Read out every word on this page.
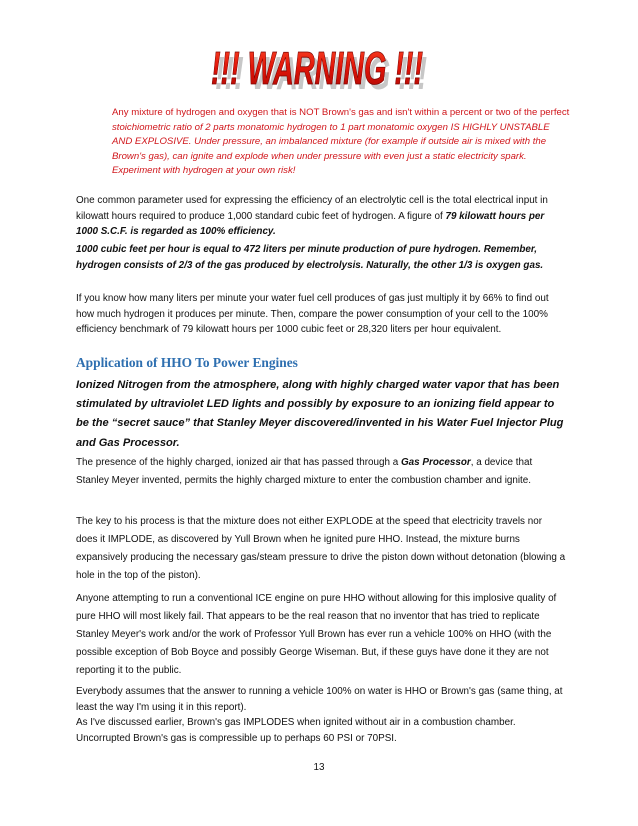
!!! WARNING !!!
!!! WARNING !!!
Any mixture of hydrogen and oxygen that is NOT Brown's gas and isn't within a percent or two of the perfect stoichiometric ratio of 2 parts monatomic hydrogen to 1 part monatomic oxygen IS HIGHLY UNSTABLE AND EXPLOSIVE. Under pressure, an imbalanced mixture (for example if outside air is mixed with the Brown's gas), can ignite and explode when under pressure with even just a static electricity spark. Experiment with hydrogen at your own risk!
One common parameter used for expressing the efficiency of an electrolytic cell is the total electrical input in kilowatt hours required to produce 1,000 standard cubic feet of hydrogen. A figure of 79 kilowatt hours per 1000 S.C.F. is regarded as 100% efficiency.
1000 cubic feet per hour is equal to 472 liters per minute production of pure hydrogen. Remember, hydrogen consists of 2/3 of the gas produced by electrolysis. Naturally, the other 1/3 is oxygen gas.
If you know how many liters per minute your water fuel cell produces of gas just multiply it by 66% to find out how much hydrogen it produces per minute. Then, compare the power consumption of your cell to the 100% efficiency benchmark of 79 kilowatt hours per 1000 cubic feet or 28,320 liters per hour equivalent.
Application of HHO To Power Engines
Ionized Nitrogen from the atmosphere, along with highly charged water vapor that has been stimulated by ultraviolet LED lights and possibly by exposure to an ionizing field appear to be the “secret sauce” that Stanley Meyer discovered/invented in his Water Fuel Injector Plug and Gas Processor.
The presence of the highly charged, ionized air that has passed through a Gas Processor, a device that Stanley Meyer invented, permits the highly charged mixture to enter the combustion chamber and ignite.
The key to his process is that the mixture does not either EXPLODE at the speed that electricity travels nor does it IMPLODE, as discovered by Yull Brown when he ignited pure HHO. Instead, the mixture burns expansively producing the necessary gas/steam pressure to drive the piston down without detonation (blowing a hole in the top of the piston).
Anyone attempting to run a conventional ICE engine on pure HHO without allowing for this implosive quality of pure HHO will most likely fail. That appears to be the real reason that no inventor that has tried to replicate Stanley Meyer's work and/or the work of Professor Yull Brown has ever run a vehicle 100% on HHO (with the possible exception of Bob Boyce and possibly George Wiseman. But, if these guys have done it they are not reporting it to the public.
Everybody assumes that the answer to running a vehicle 100% on water is HHO or Brown's gas (same thing, at least the way I'm using it in this report).
As I've discussed earlier, Brown's gas IMPLODES when ignited without air in a combustion chamber.
Uncorrupted Brown's gas is compressible up to perhaps 60 PSI or 70PSI.
13
